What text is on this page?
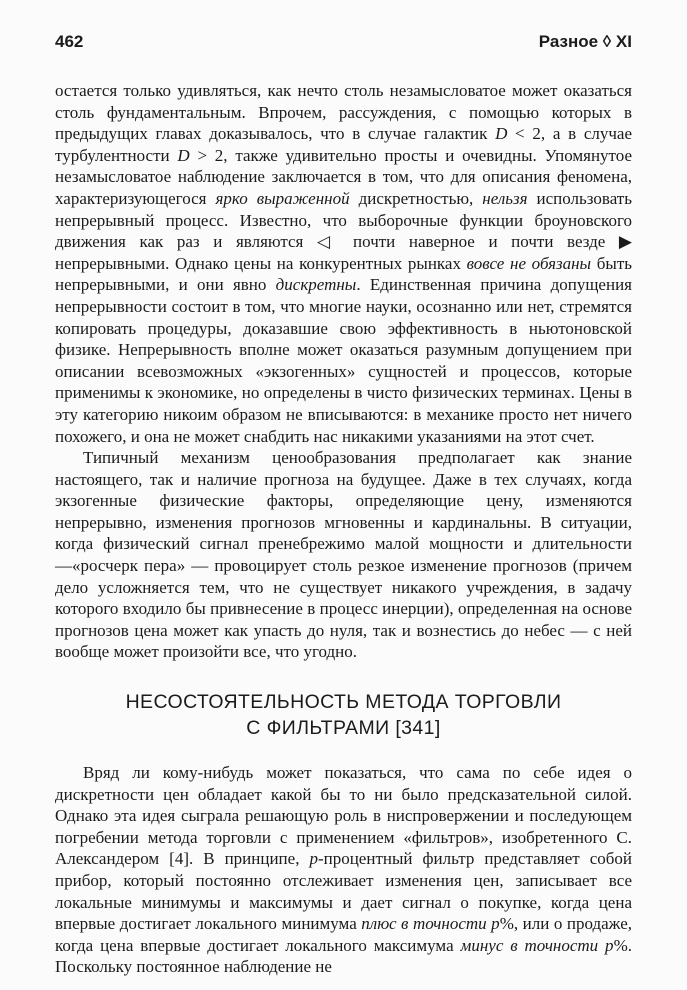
462	Разное ◊ XI

остается только удивляться, как нечто столь незамысловатое может оказаться столь фундаментальным. Впрочем, рассуждения, с помощью которых в предыдущих главах доказывалось, что в случае галактик D < 2, а в случае турбулентности D > 2, также удивительно просты и очевидны. Упомянутое незамысловатое наблюдение заключается в том, что для описания феномена, характеризующегося ярко выраженной дискретностью, нельзя использовать непрерывный процесс. Известно, что выборочные функции броуновского движения как раз и являются ◁ почти наверное и почти везде ▶ непрерывными. Однако цены на конкурентных рынках вовсе не обязаны быть непрерывными, и они явно дискретны. Единственная причина допущения непрерывности состоит в том, что многие науки, осознанно или нет, стремятся копировать процедуры, доказавшие свою эффективность в ньютоновской физике. Непрерывность вполне может оказаться разумным допущением при описании всевозможных «экзогенных» сущностей и процессов, которые применимы к экономике, но определены в чисто физических терминах. Цены в эту категорию никоим образом не вписываются: в механике просто нет ничего похожего, и она не может снабдить нас никакими указаниями на этот счет.

Типичный механизм ценообразования предполагает как знание настоящего, так и наличие прогноза на будущее. Даже в тех случаях, когда экзогенные физические факторы, определяющие цену, изменяются непрерывно, изменения прогнозов мгновенны и кардинальны. В ситуации, когда физический сигнал пренебрежимо малой мощности и длительности —«росчерк пера» — провоцирует столь резкое изменение прогнозов (причем дело усложняется тем, что не существует никакого учреждения, в задачу которого входило бы привнесение в процесс инерции), определенная на основе прогнозов цена может как упасть до нуля, так и вознестись до небес — с ней вообще может произойти все, что угодно.

НЕСОСТОЯТЕЛЬНОСТЬ МЕТОДА ТОРГОВЛИ
С ФИЛЬТРАМИ [341]

Вряд ли кому-нибудь может показаться, что сама по себе идея о дискретности цен обладает какой бы то ни было предсказательной силой. Однако эта идея сыграла решающую роль в ниспровержении и последующем погребении метода торговли с применением «фильтров», изобретенного С. Александером [4]. В принципе, p-процентный фильтр представляет собой прибор, который постоянно отслеживает изменения цен, записывает все локальные минимумы и максимумы и дает сигнал о покупке, когда цена впервые достигает локального минимума плюс в точности p%, или о продаже, когда цена впервые достигает локального максимума минус в точности p%. Поскольку постоянное наблюдение не
